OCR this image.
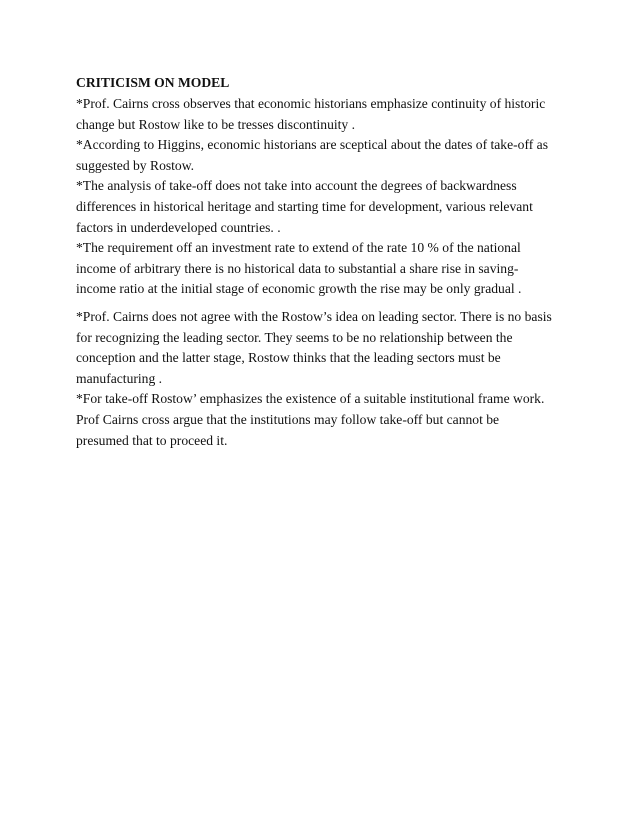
CRITICISM ON MODEL
*Prof. Cairns cross observes that economic historians emphasize continuity of historic
change but Rostow like to be tresses discontinuity .
*According to Higgins, economic historians are sceptical about the dates of take-off as
suggested by Rostow.
*The analysis of take-off does not take into account the degrees of backwardness
differences in historical heritage and starting time for development, various relevant
factors in underdeveloped countries. .
*The requirement off an investment rate to extend of the rate 10 % of the national
income of arbitrary there is no historical data to substantial a share rise in saving-
income ratio at the initial stage of economic growth the rise may be only gradual .
*Prof. Cairns does not agree with the Rostow’s idea on leading sector. There is no basis
for recognizing the leading sector. They seems to be no relationship between the
conception and the latter stage, Rostow thinks that the leading sectors must be
manufacturing .
*For take-off Rostow’ emphasizes the existence of a suitable institutional frame work.
Prof Cairns cross argue that the institutions may follow take-off but cannot be
presumed that to proceed it.
